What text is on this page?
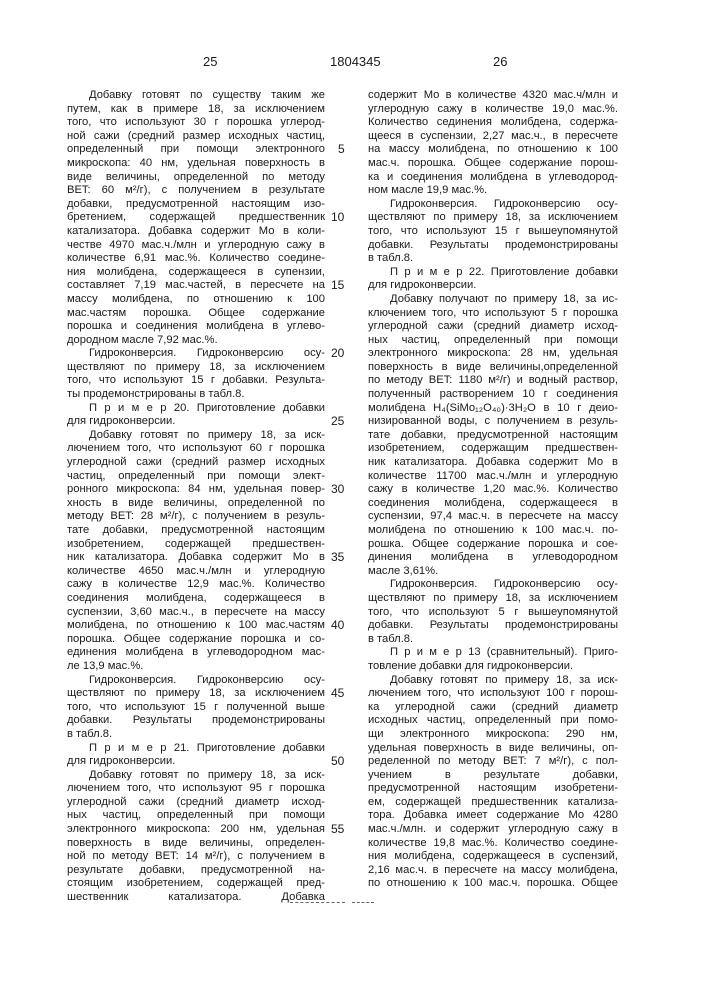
25	1804345	26
Добавку готовят по существу таким же
путем, как в примере 18, за исключением
того, что используют 30 г порошка углерод-
ной сажи (средний размер исходных частиц,
определенный при помощи электронного
микроскопа: 40 нм, удельная поверхность в
виде величины, определенной по методу
BET: 60 м²/г), с получением в результате
добавки, предусмотренной настоящим изо-
бретением, содержащей предшественник
катализатора. Добавка содержит Мо в коли-
честве 4970 мас.ч./млн и углеродную сажу в
количестве 6,91 мас.%. Количество соедине-
ния молибдена, содержащееся в супензии,
составляет 7,19 мас.частей, в пересчете на
массу молибдена, по отношению к 100
мас.частям порошка. Общее содержание
порошка и соединения молибдена в углево-
дородном масле 7,92 мас.%.
Гидроконверсия. Гидроконверсию осу-
ществляют по примеру 18, за исключением
того, что используют 15 г добавки. Результа-
ты продемонстрированы в табл.8.
П р и м е р 20. Приготовление добавки
для гидроконверсии.
Добавку готовят по примеру 18, за иск-
лючением того, что используют 60 г порошка
углеродной сажи (средний размер исходных
частиц, определенный при помощи элект-
ронного микроскопа: 84 нм, удельная повер-
хность в виде величины, определенной по
методу BET: 28 м²/г), с получением в резуль-
тате добавки, предусмотренной настоящим
изобретением, содержащей предшествен-
ник катализатора. Добавка содержит Мо в
количестве 4650 мас.ч./млн и углеродную
сажу в количестве 12,9 мас.%. Количество
соединения молибдена, содержащееся в
суспензии, 3,60 мас.ч., в пересчете на массу
молибдена, по отношению к 100 мас.частям
порошка. Общее содержание порошка и со-
единения молибдена в углеводородном мас-
ле 13,9 мас.%.
Гидроконверсия. Гидроконверсию осу-
ществляют по примеру 18, за исключением
того, что используют 15 г полученной выше
добавки. Результаты продемонстрированы
в табл.8.
П р и м е р 21. Приготовление добавки
для гидроконверсии.
Добавку готовят по примеру 18, за иск-
лючением того, что используют 95 г порошка
углеродной сажи (средний диаметр исход-
ных частиц, определенный при помощи
электронного микроскопа: 200 нм, удельная
поверхность в виде величины, определен-
ной по методу BET: 14 м²/г), с получением в
результате добавки, предусмотренной на-
стоящим изобретением, содержащей пред-
шественник катализатора. Добавка
содержит Мо в количестве 4320 мас.ч/млн и
углеродную сажу в количестве 19,0 мас.%.
Количество сединения молибдена, содержа-
щееся в суспензии, 2,27 мас.ч., в пересчете
на массу молибдена, по отношению к 100
мас.ч. порошка. Общее содержание порош-
ка и соединения молибдена в углеводород-
ном масле 19,9 мас.%.
Гидроконверсия. Гидроконверсию осу-
ществляют по примеру 18, за исключением
того, что используют 15 г вышеупомянутой
добавки. Результаты продемонстрированы
в табл.8.
П р и м е р 22. Приготовление добавки
для гидроконверсии.
Добавку получают по примеру 18, за ис-
ключением того, что используют 5 г порошка
углеродной сажи (средний диаметр исход-
ных частиц, определенный при помощи
электронного микроскопа: 28 нм, удельная
поверхность в виде величины,определенной
по методу BET: 1180 м²/г) и водный раствор,
полученный растворением 10 г соединения
молибдена H₄(SiMo₁₂O₄₀)·3H₂O в 10 г деио-
низированной воды, с получением в резуль-
тате добавки, предусмотренной настоящим
изобретением, содержащим предшествен-
ник катализатора. Добавка содержит Мо в
количестве 11700 мас.ч./млн и углеродную
сажу в количестве 1,20 мас.%. Количество
соединения молибдена, содержащееся в
суспензии, 97,4 мас.ч. в пересчете на массу
молибдена по отношению к 100 мас.ч. по-
рошка. Общее содержание порошка и сое-
динения молибдена в углеводородном
масле 3,61%.
Гидроконверсия. Гидроконверсию осу-
ществляют по примеру 18, за исключением
того, что используют 5 г вышеупомянутой
добавки. Результаты продемонстрированы
в табл.8.
П р и м е р 13 (сравнительный). Приго-
товление добавки для гидроконверсии.
Добавку готовят по примеру 18, за иск-
лючением того, что используют 100 г порош-
ка углеродной сажи (средний диаметр
исходных частиц, определенный при помо-
щи электронного микроскопа: 290 нм,
удельная поверхность в виде величины, оп-
ределенной по методу BET: 7 м²/г), с пол-
учением в результате добавки,
предусмотренной настоящим изобретени-
ем, содержащей предшественник катализа-
тора. Добавка имеет содержание Мо 4280
мас.ч./млн. и содержит углеродную сажу в
количестве 19,8 мас.%. Количество соедине-
ния молибдена, содержащееся в суспензий,
2,16 мас.ч. в пересчете на массу молибдена,
по отношению к 100 мас.ч. порошка. Общее
5
10
15
20
25
30
35
40
45
50
55
